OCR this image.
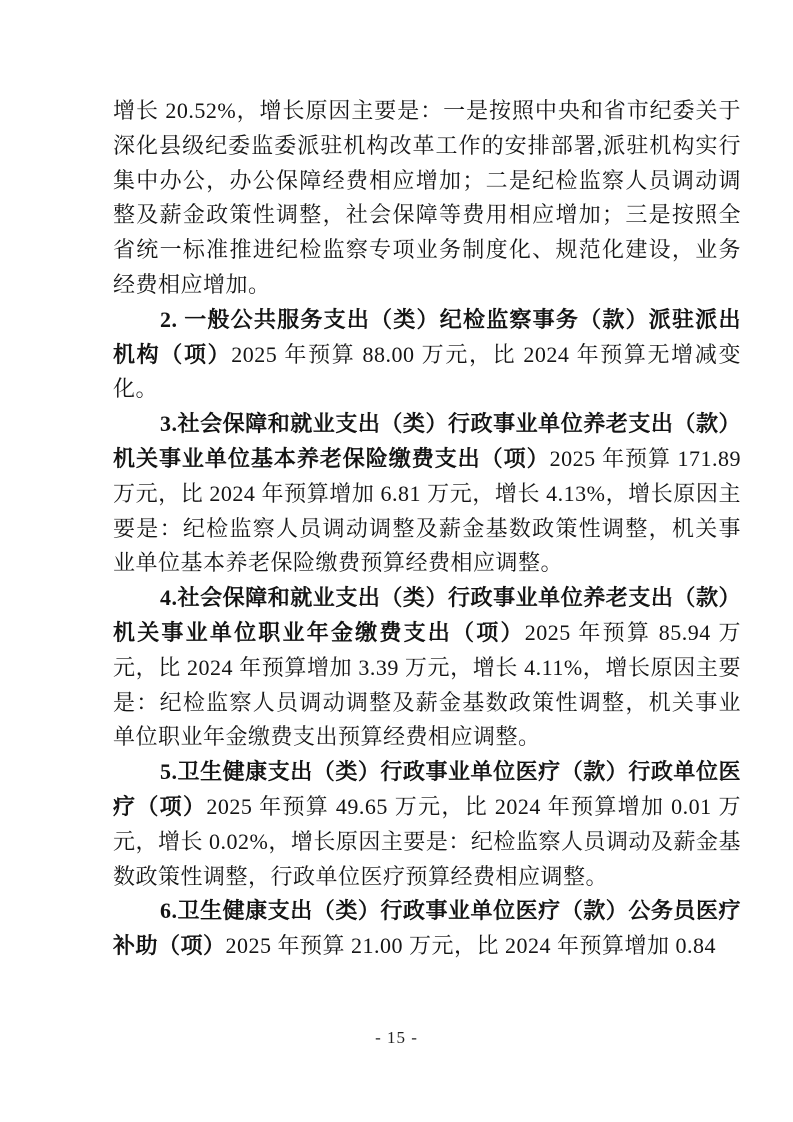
增长 20.52%，增长原因主要是：一是按照中央和省市纪委关于深化县级纪委监委派驻机构改革工作的安排部署,派驻机构实行集中办公，办公保障经费相应增加；二是纪检监察人员调动调整及薪金政策性调整，社会保障等费用相应增加；三是按照全省统一标准推进纪检监察专项业务制度化、规范化建设，业务经费相应增加。

2. 一般公共服务支出（类）纪检监察事务（款）派驻派出机构（项）2025 年预算 88.00 万元，比 2024 年预算无增减变化。

3.社会保障和就业支出（类）行政事业单位养老支出（款）机关事业单位基本养老保险缴费支出（项）2025 年预算 171.89 万元，比 2024 年预算增加 6.81 万元，增长 4.13%，增长原因主要是：纪检监察人员调动调整及薪金基数政策性调整，机关事业单位基本养老保险缴费预算经费相应调整。

4.社会保障和就业支出（类）行政事业单位养老支出（款）机关事业单位职业年金缴费支出（项）2025 年预算 85.94 万元，比 2024 年预算增加 3.39 万元，增长 4.11%，增长原因主要是：纪检监察人员调动调整及薪金基数政策性调整，机关事业单位职业年金缴费支出预算经费相应调整。

5.卫生健康支出（类）行政事业单位医疗（款）行政单位医疗（项）2025 年预算 49.65 万元，比 2024 年预算增加 0.01 万元，增长 0.02%，增长原因主要是：纪检监察人员调动及薪金基数政策性调整，行政单位医疗预算经费相应调整。

6.卫生健康支出（类）行政事业单位医疗（款）公务员医疗补助（项）2025 年预算 21.00 万元，比 2024 年预算增加 0.84

- 15 -
